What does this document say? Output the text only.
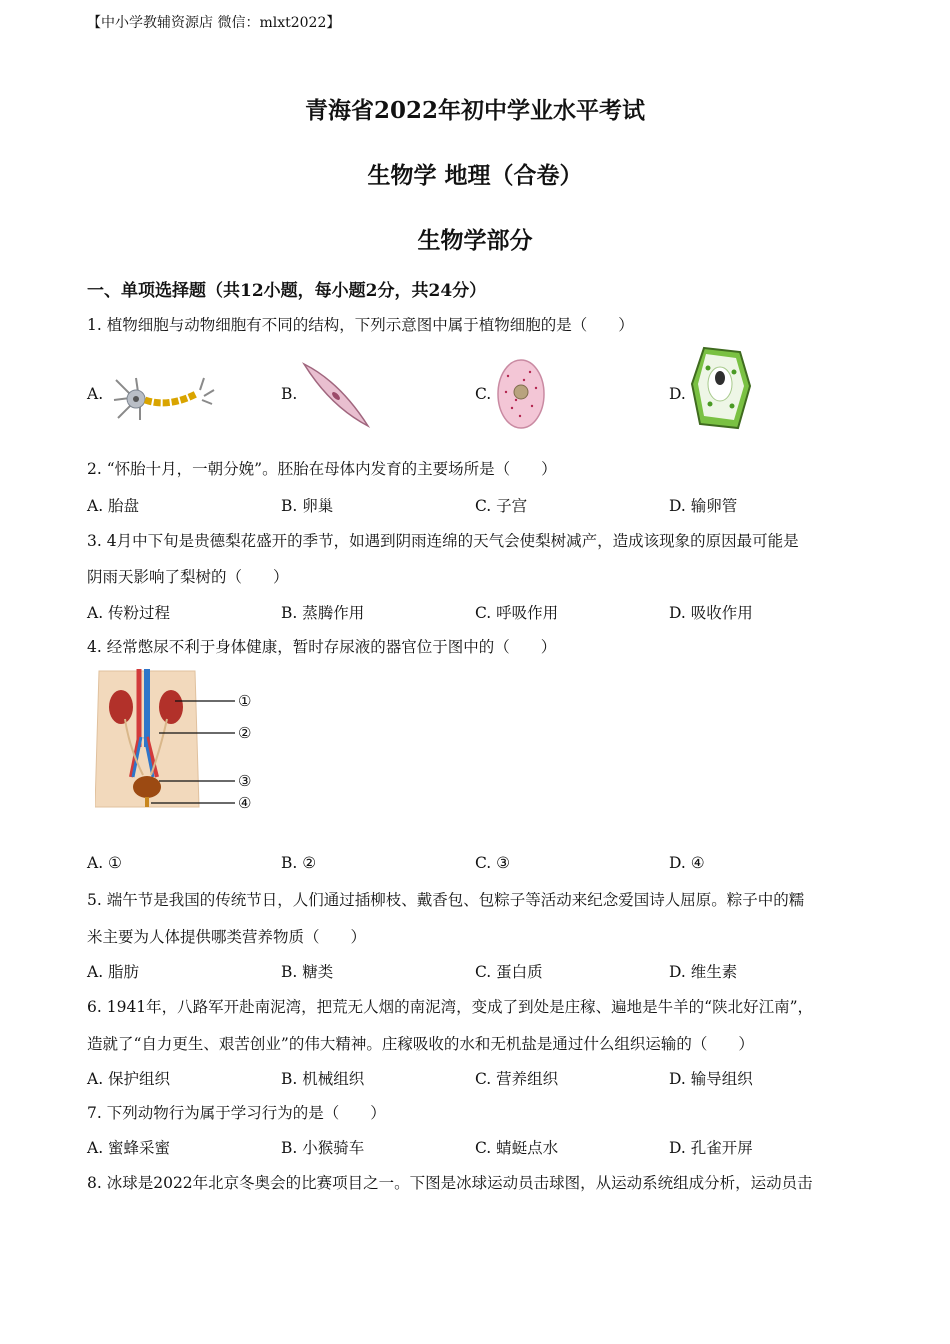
【中小学教辅资源店 微信：mlxt2022】
青海省2022年初中学业水平考试
生物学 地理（合卷）
生物学部分
一、单项选择题（共12小题，每小题2分，共24分）
1. 植物细胞与动物细胞有不同的结构，下列示意图中属于植物细胞的是（　　）
A.	B.	C.	D.
2. “怀胎十月，一朝分娩”。胚胎在母体内发育的主要场所是（　　）
A. 胎盘	B. 卵巢	C. 子宫	D. 输卵管
3. 4月中下旬是贵德梨花盛开的季节，如遇到阴雨连绵的天气会使梨树减产，造成该现象的原因最可能是
阴雨天影响了梨树的（　　）
A. 传粉过程	B. 蒸腾作用	C. 呼吸作用	D. 吸收作用
4. 经常憋尿不利于身体健康，暂时存尿液的器官位于图中的（　　）
①
②
③
④
A. ①	B. ②	C. ③	D. ④
5. 端午节是我国的传统节日，人们通过插柳枝、戴香包、包粽子等活动来纪念爱国诗人屈原。粽子中的糯
米主要为人体提供哪类营养物质（　　）
A. 脂肪	B. 糖类	C. 蛋白质	D. 维生素
6. 1941年，八路军开赴南泥湾，把荒无人烟的南泥湾，变成了到处是庄稼、遍地是牛羊的“陕北好江南”，
造就了“自力更生、艰苦创业”的伟大精神。庄稼吸收的水和无机盐是通过什么组织运输的（　　）
A. 保护组织	B. 机械组织	C. 营养组织	D. 输导组织
7. 下列动物行为属于学习行为的是（　　）
A. 蜜蜂采蜜	B. 小猴骑车	C. 蜻蜓点水	D. 孔雀开屏
8. 冰球是2022年北京冬奥会的比赛项目之一。下图是冰球运动员击球图，从运动系统组成分析，运动员击
